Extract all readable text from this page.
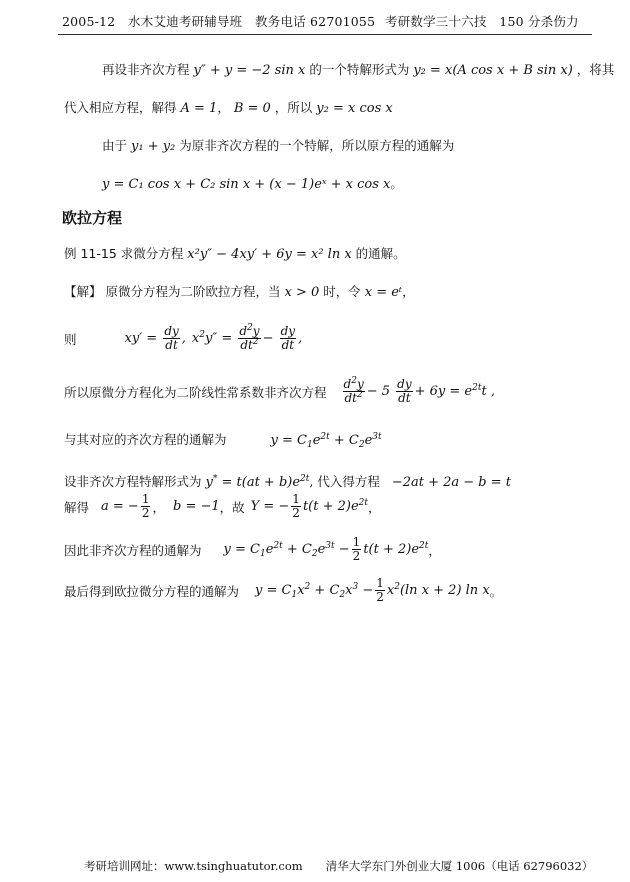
2005-12　水木艾迪考研辅导班　教务电话 62701055 考研数学三十六技　150 分杀伤力
再设非齐次方程 y″ + y = −2 sin x 的一个特解形式为 y₂ = x(A cos x + B sin x) ，将其
代入相应方程，解得 A = 1， B = 0 ，所以 y₂ = x cos x
由于 y₁ + y₂ 为原非齐次方程的一个特解，所以原方程的通解为
y = C₁ cos x + C₂ sin x + (x − 1)eˣ + x cos x。
欧拉方程
例 11-15 求微分方程 x²y″ − 4xy′ + 6y = x² ln x 的通解。
【解】 原微分方程为二阶欧拉方程，当 x > 0 时，令 x = eᵗ，
则	$xy' = \frac{dy}{dt}$ , $x^2y'' = \frac{d^2y}{dt^2} - \frac{dy}{dt}$ ,
所以原微分方程化为二阶线性常系数非齐次方程 $\frac{d^2y}{dt^2} - 5 \frac{dy}{dt} + 6y = e^{2t}t$ ,
与其对应的齐次方程的通解为	$y = C_1e^{2t} + C_2e^{3t}$
设非齐次方程特解形式为 $y^* = t(at + b)e^{2t}$, 代入得方程 −2at + 2a − b = t
解得 a = − $\frac{1}{2}$ ， b = −1 ，故 Y = − $\frac{1}{2} t(t + 2)e^{2t}$ ，
因此非齐次方程的通解为 $y = C_1e^{2t} + C_2e^{3t} - \frac{1}{2} t(t + 2)e^{2t}$ ，
最后得到欧拉微分方程的通解为 $y = C_1x^2 + C_2x^3 - \frac{1}{2} x^2(\ln$ x + 2) ln x 。
考研培训网址：www.tsinghuatutor.com　　清华大学东门外创业大厦 1006（电话 62796032）
